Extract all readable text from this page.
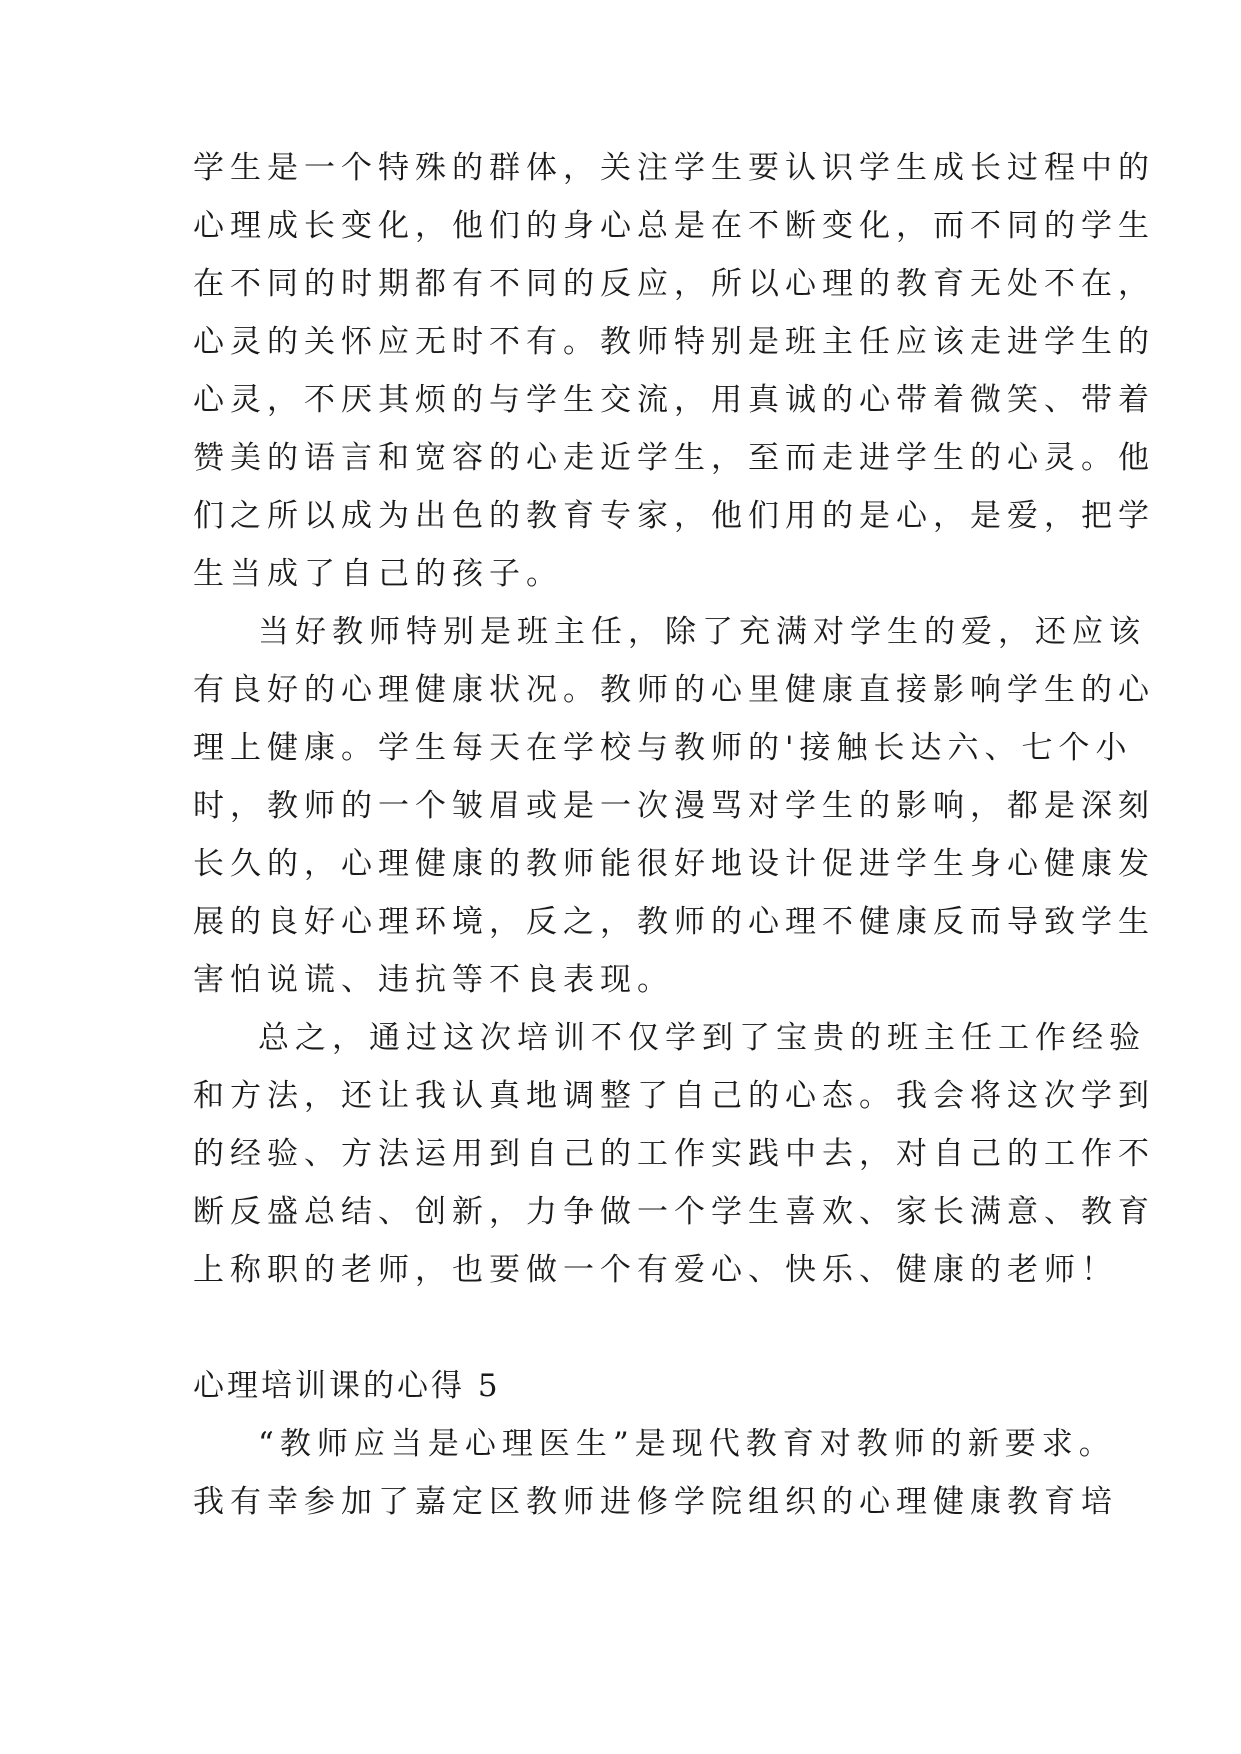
学生是一个特殊的群体，关注学生要认识学生成长过程中的
心理成长变化，他们的身心总是在不断变化，而不同的学生
在不同的时期都有不同的反应，所以心理的教育无处不在，
心灵的关怀应无时不有。教师特别是班主任应该走进学生的
心灵，不厌其烦的与学生交流，用真诚的心带着微笑、带着
赞美的语言和宽容的心走近学生，至而走进学生的心灵。他
们之所以成为出色的教育专家，他们用的是心，是爱，把学
生当成了自己的孩子。
当好教师特别是班主任，除了充满对学生的爱，还应该
有良好的心理健康状况。教师的心里健康直接影响学生的心
理上健康。学生每天在学校与教师的'接触长达六、七个小
时，教师的一个皱眉或是一次漫骂对学生的影响，都是深刻
长久的，心理健康的教师能很好地设计促进学生身心健康发
展的良好心理环境，反之，教师的心理不健康反而导致学生
害怕说谎、违抗等不良表现。
总之，通过这次培训不仅学到了宝贵的班主任工作经验
和方法，还让我认真地调整了自己的心态。我会将这次学到
的经验、方法运用到自己的工作实践中去，对自己的工作不
断反盛总结、创新，力争做一个学生喜欢、家长满意、教育
上称职的老师，也要做一个有爱心、快乐、健康的老师！
心理培训课的心得 5
“教师应当是心理医生”是现代教育对教师的新要求。
我有幸参加了嘉定区教师进修学院组织的心理健康教育培
